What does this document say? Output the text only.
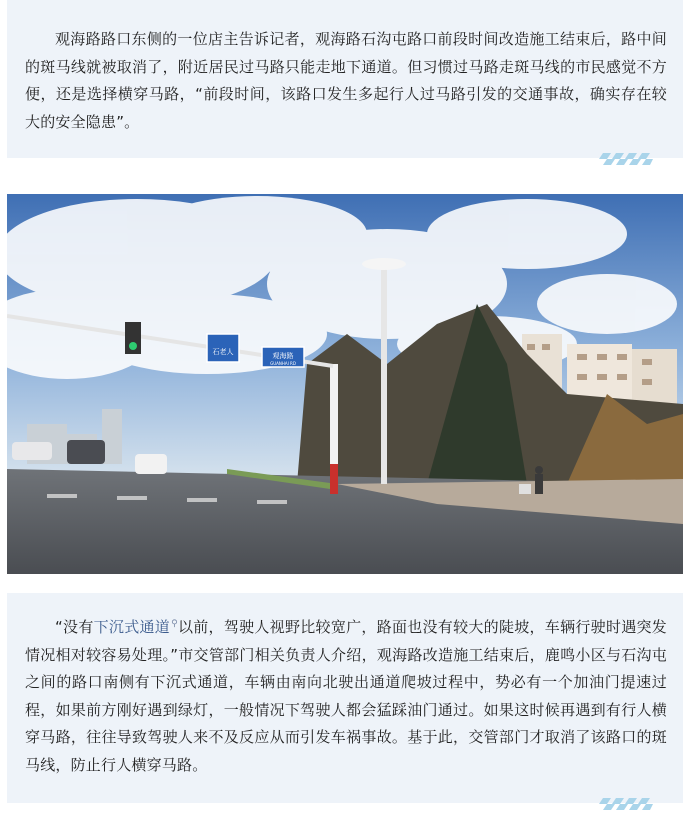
观海路路口东侧的一位店主告诉记者，观海路石沟屯路口前段时间改造施工结束后，路中间的斑马线就被取消了，附近居民过马路只能走地下通道。但习惯过马路走斑马线的市民感觉不方便，还是选择横穿马路，“前段时间，该路口发生多起行人过马路引发的交通事故，确实存在较大的安全隐患”。

石老人	观海路
GUANHAI RD

“没有下沉式通道⚲以前，驾驶人视野比较宽广，路面也没有较大的陡坡，车辆行驶时遇突发情况相对较容易处理。”市交管部门相关负责人介绍，观海路改造施工结束后，鹿鸣小区与石沟屯之间的路口南侧有下沉式通道，车辆由南向北驶出通道爬坡过程中，势必有一个加油门提速过程，如果前方刚好遇到绿灯，一般情况下驾驶人都会猛踩油门通过。如果这时候再遇到有行人横穿马路，往往导致驾驶人来不及反应从而引发车祸事故。基于此，交管部门才取消了该路口的斑马线，防止行人横穿马路。
